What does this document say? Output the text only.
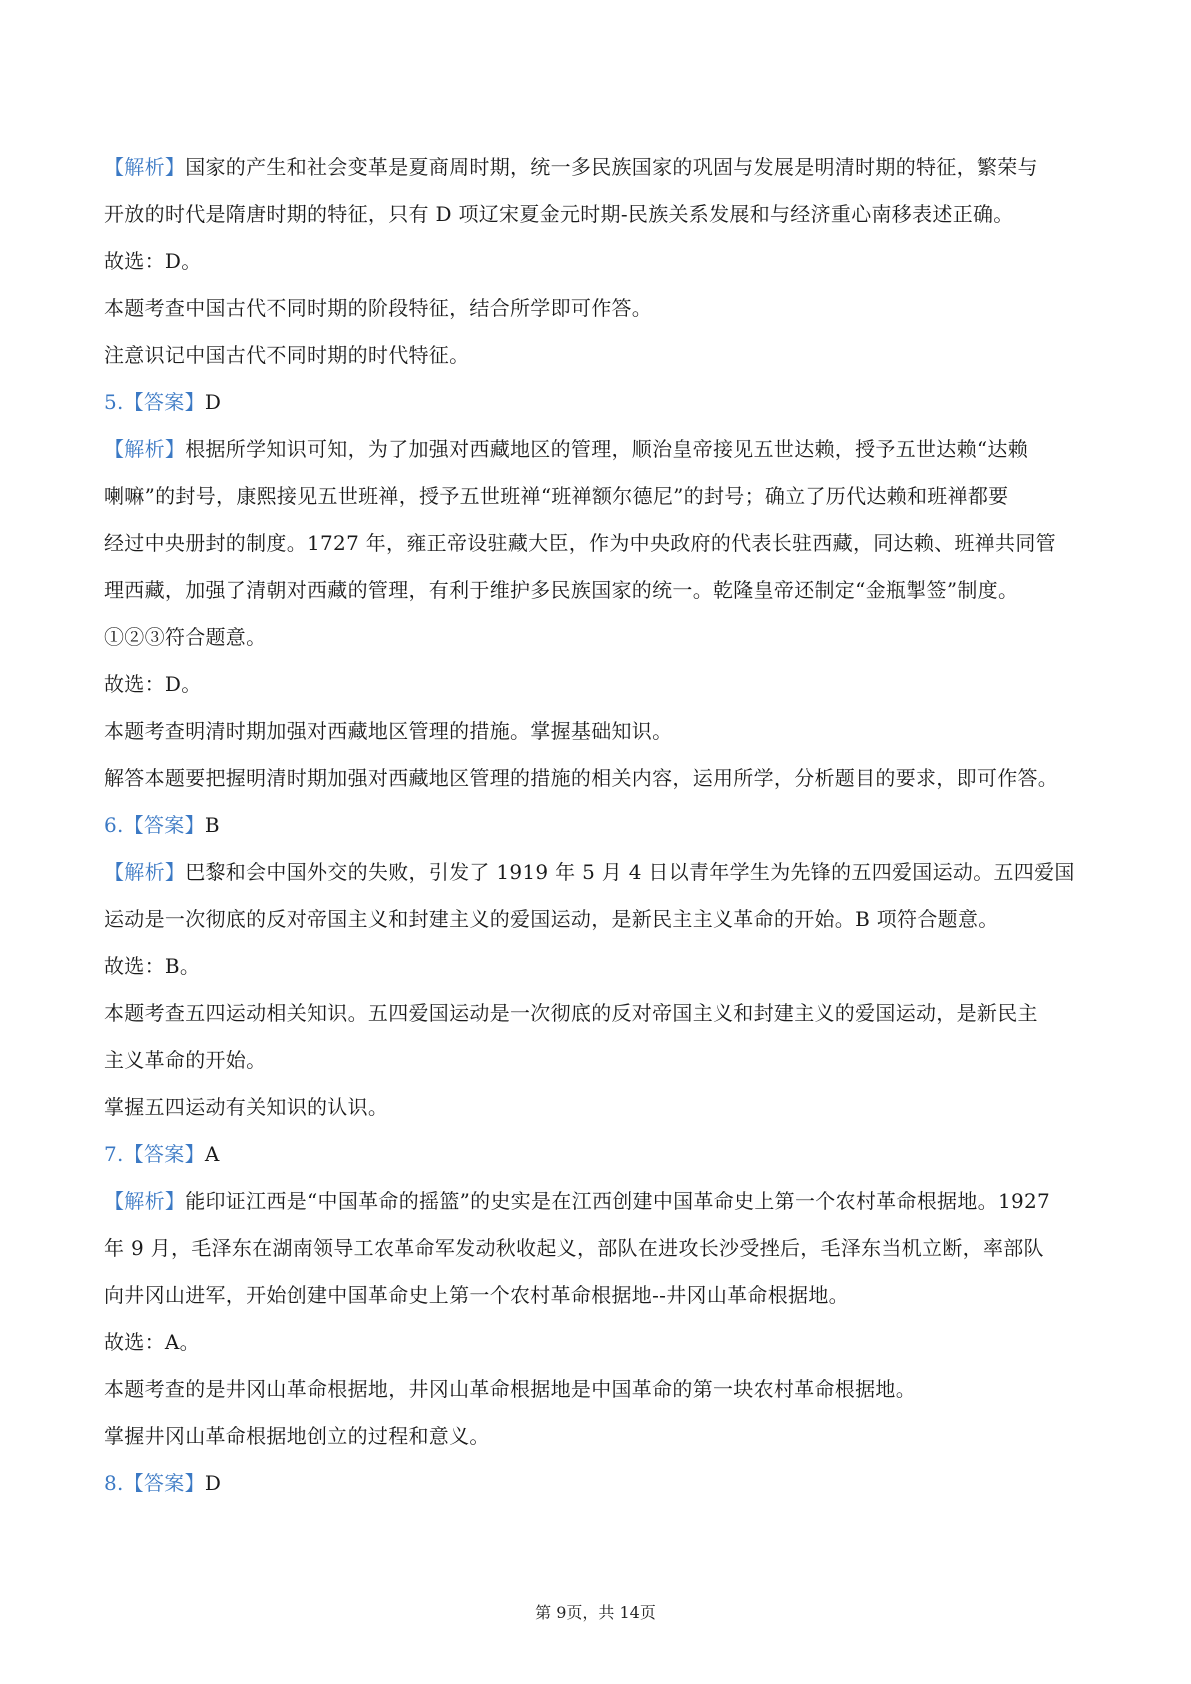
【解析】国家的产生和社会变革是夏商周时期，统一多民族国家的巩固与发展是明清时期的特征，繁荣与
开放的时代是隋唐时期的特征，只有 D 项辽宋夏金元时期-民族关系发展和与经济重心南移表述正确。
故选：D。
本题考查中国古代不同时期的阶段特征，结合所学即可作答。
注意识记中国古代不同时期的时代特征。
5.【答案】D
【解析】根据所学知识可知，为了加强对西藏地区的管理，顺治皇帝接见五世达赖，授予五世达赖“达赖
喇嘛”的封号，康熙接见五世班禅，授予五世班禅“班禅额尔德尼”的封号；确立了历代达赖和班禅都要
经过中央册封的制度。1727 年，雍正帝设驻藏大臣，作为中央政府的代表长驻西藏，同达赖、班禅共同管
理西藏，加强了清朝对西藏的管理，有利于维护多民族国家的统一。乾隆皇帝还制定“金瓶掣签”制度。
①②③符合题意。
故选：D。
本题考查明清时期加强对西藏地区管理的措施。掌握基础知识。
解答本题要把握明清时期加强对西藏地区管理的措施的相关内容，运用所学，分析题目的要求，即可作答。
6.【答案】B
【解析】巴黎和会中国外交的失败，引发了 1919 年 5 月 4 日以青年学生为先锋的五四爱国运动。五四爱国
运动是一次彻底的反对帝国主义和封建主义的爱国运动，是新民主主义革命的开始。B 项符合题意。
故选：B。
本题考查五四运动相关知识。五四爱国运动是一次彻底的反对帝国主义和封建主义的爱国运动，是新民主
主义革命的开始。
掌握五四运动有关知识的认识。
7.【答案】A
【解析】能印证江西是“中国革命的摇篮”的史实是在江西创建中国革命史上第一个农村革命根据地。1927
年 9 月，毛泽东在湖南领导工农革命军发动秋收起义，部队在进攻长沙受挫后，毛泽东当机立断，率部队
向井冈山进军，开始创建中国革命史上第一个农村革命根据地--井冈山革命根据地。
故选：A。
本题考查的是井冈山革命根据地，井冈山革命根据地是中国革命的第一块农村革命根据地。
掌握井冈山革命根据地创立的过程和意义。
8.【答案】D
第 9页，共 14页
